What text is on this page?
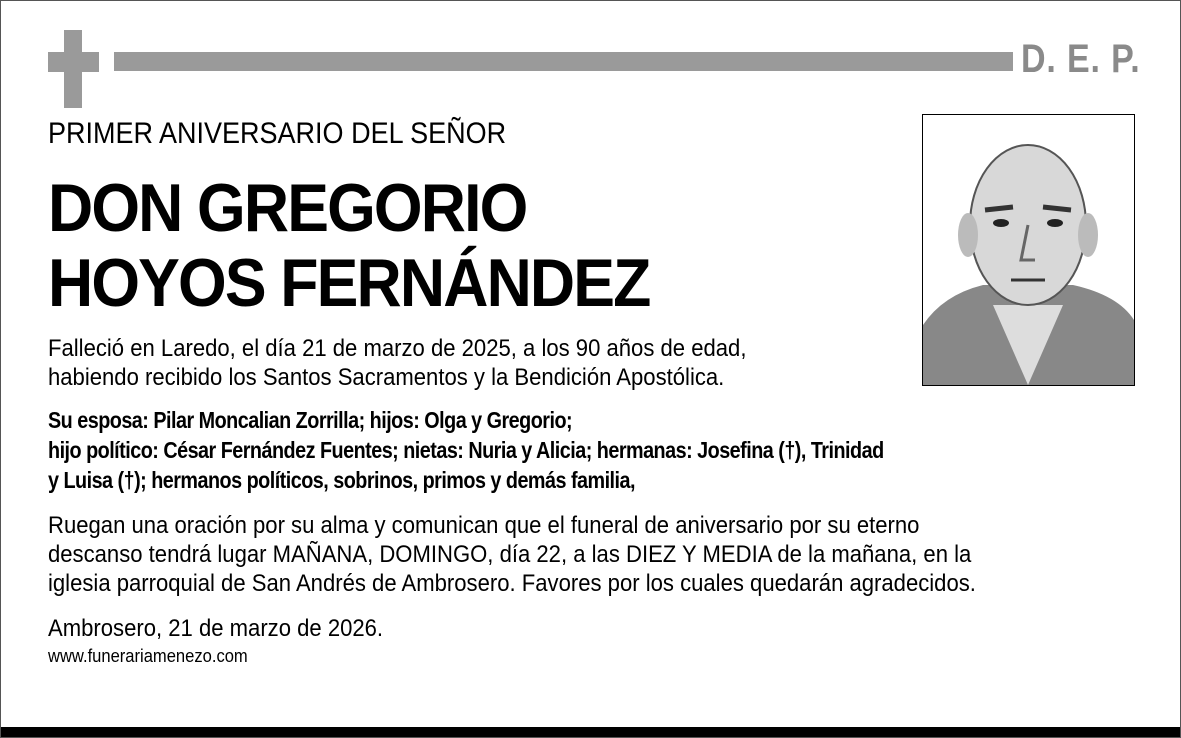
D. E. P.
PRIMER ANIVERSARIO DEL SEÑOR
DON GREGORIO
HOYOS FERNÁNDEZ
Falleció en Laredo, el día 21 de marzo de 2025, a los 90 años de edad,
habiendo recibido los Santos Sacramentos y la Bendición Apostólica.
Su esposa: Pilar Moncalian Zorrilla; hijos: Olga y Gregorio;
hijo político: César Fernández Fuentes; nietas: Nuria y Alicia; hermanas: Josefina (†), Trinidad
y Luisa (†); hermanos políticos, sobrinos, primos y demás familia,
Ruegan una oración por su alma y comunican que el funeral de aniversario por su eterno
descanso tendrá lugar MAÑANA, DOMINGO, día 22, a las DIEZ Y MEDIA de la mañana, en la
iglesia parroquial de San Andrés de Ambrosero. Favores por los cuales quedarán agradecidos.
Ambrosero, 21 de marzo de 2026.
www.funerariamenezo.com
